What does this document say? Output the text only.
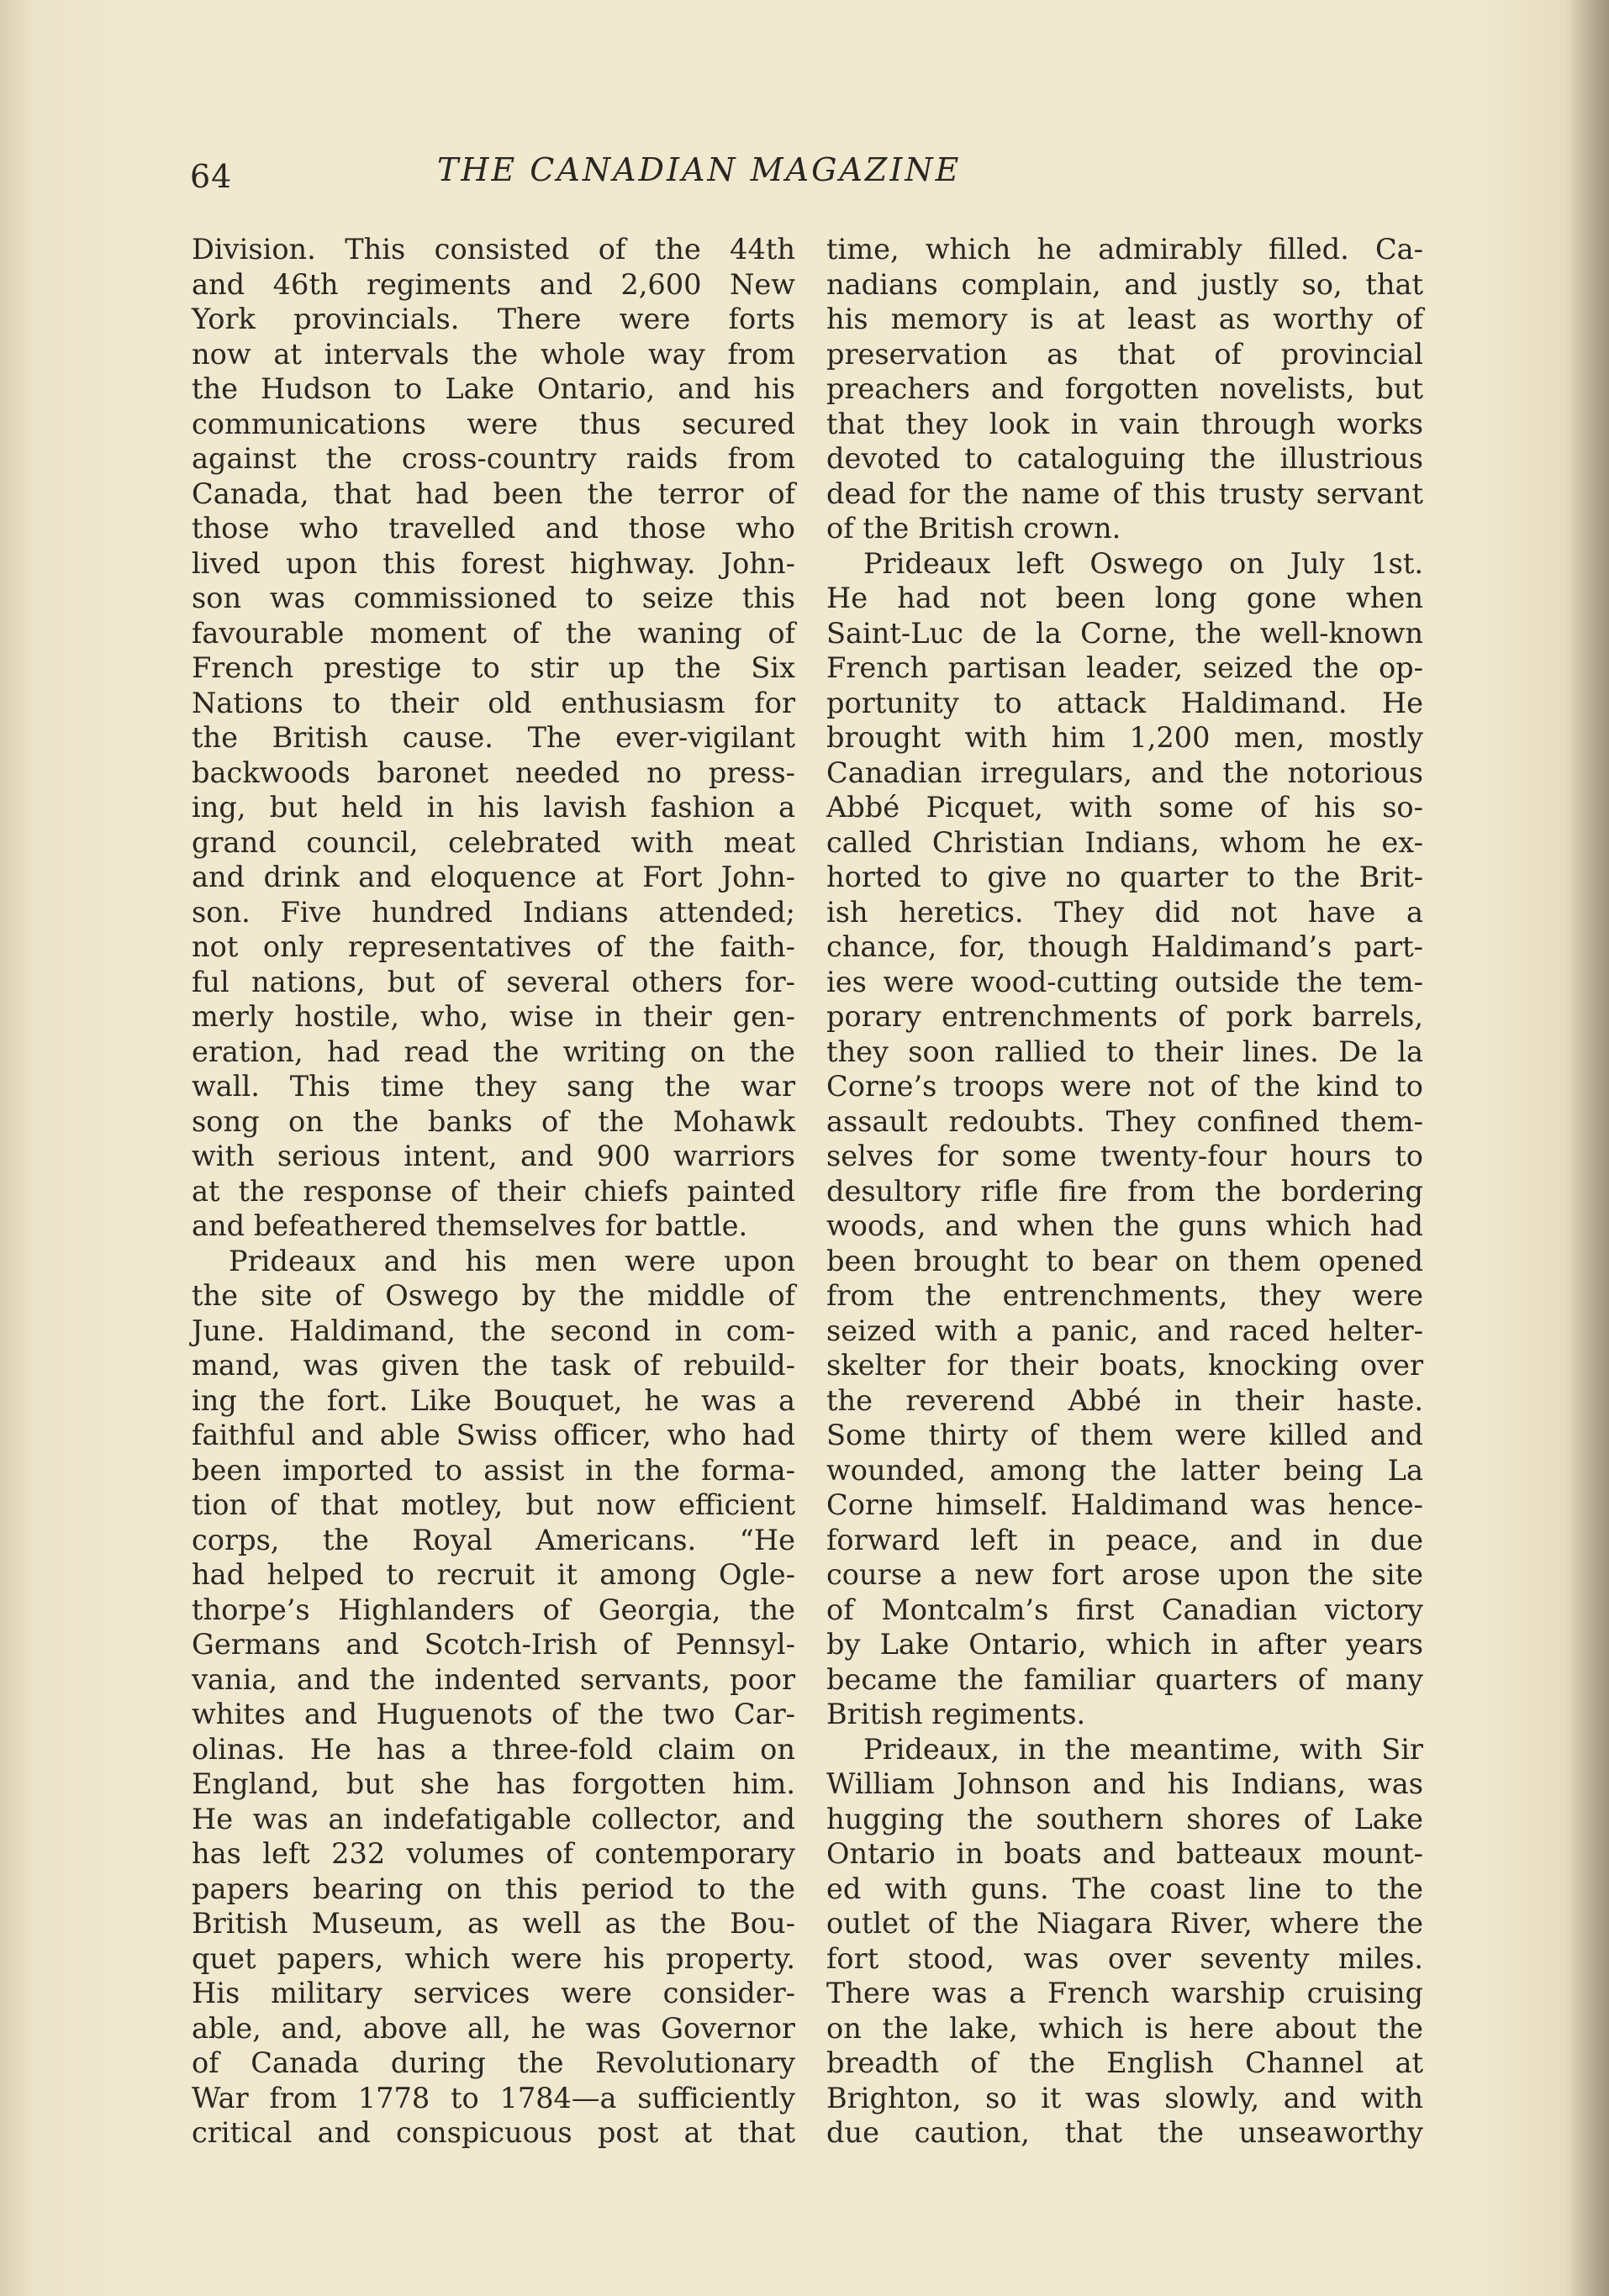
64	THE CANADIAN MAGAZINE
Division. This consisted of the 44th
and 46th regiments and 2,600 New
York provincials. There were forts
now at intervals the whole way from
the Hudson to Lake Ontario, and his
communications were thus secured
against the cross-country raids from
Canada, that had been the terror of
those who travelled and those who
lived upon this forest highway. John-
son was commissioned to seize this
favourable moment of the waning of
French prestige to stir up the Six
Nations to their old enthusiasm for
the British cause. The ever-vigilant
backwoods baronet needed no press-
ing, but held in his lavish fashion a
grand council, celebrated with meat
and drink and eloquence at Fort John-
son. Five hundred Indians attended;
not only representatives of the faith-
ful nations, but of several others for-
merly hostile, who, wise in their gen-
eration, had read the writing on the
wall. This time they sang the war
song on the banks of the Mohawk
with serious intent, and 900 warriors
at the response of their chiefs painted
and befeathered themselves for battle.
Prideaux and his men were upon
the site of Oswego by the middle of
June. Haldimand, the second in com-
mand, was given the task of rebuild-
ing the fort. Like Bouquet, he was a
faithful and able Swiss officer, who had
been imported to assist in the forma-
tion of that motley, but now efficient
corps, the Royal Americans. “He
had helped to recruit it among Ogle-
thorpe’s Highlanders of Georgia, the
Germans and Scotch-Irish of Pennsyl-
vania, and the indented servants, poor
whites and Huguenots of the two Car-
olinas. He has a three-fold claim on
England, but she has forgotten him.
He was an indefatigable collector, and
has left 232 volumes of contemporary
papers bearing on this period to the
British Museum, as well as the Bou-
quet papers, which were his property.
His military services were consider-
able, and, above all, he was Governor
of Canada during the Revolutionary
War from 1778 to 1784—a sufficiently
critical and conspicuous post at that
time, which he admirably filled. Ca-
nadians complain, and justly so, that
his memory is at least as worthy of
preservation as that of provincial
preachers and forgotten novelists, but
that they look in vain through works
devoted to cataloguing the illustrious
dead for the name of this trusty servant
of the British crown.
Prideaux left Oswego on July 1st.
He had not been long gone when
Saint-Luc de la Corne, the well-known
French partisan leader, seized the op-
portunity to attack Haldimand. He
brought with him 1,200 men, mostly
Canadian irregulars, and the notorious
Abbé Picquet, with some of his so-
called Christian Indians, whom he ex-
horted to give no quarter to the Brit-
ish heretics. They did not have a
chance, for, though Haldimand’s part-
ies were wood-cutting outside the tem-
porary entrenchments of pork barrels,
they soon rallied to their lines. De la
Corne’s troops were not of the kind to
assault redoubts. They confined them-
selves for some twenty-four hours to
desultory rifle fire from the bordering
woods, and when the guns which had
been brought to bear on them opened
from the entrenchments, they were
seized with a panic, and raced helter-
skelter for their boats, knocking over
the reverend Abbé in their haste.
Some thirty of them were killed and
wounded, among the latter being La
Corne himself. Haldimand was hence-
forward left in peace, and in due
course a new fort arose upon the site
of Montcalm’s first Canadian victory
by Lake Ontario, which in after years
became the familiar quarters of many
British regiments.
Prideaux, in the meantime, with Sir
William Johnson and his Indians, was
hugging the southern shores of Lake
Ontario in boats and batteaux mount-
ed with guns. The coast line to the
outlet of the Niagara River, where the
fort stood, was over seventy miles.
There was a French warship cruising
on the lake, which is here about the
breadth of the English Channel at
Brighton, so it was slowly, and with
due caution, that the unseaworthy
